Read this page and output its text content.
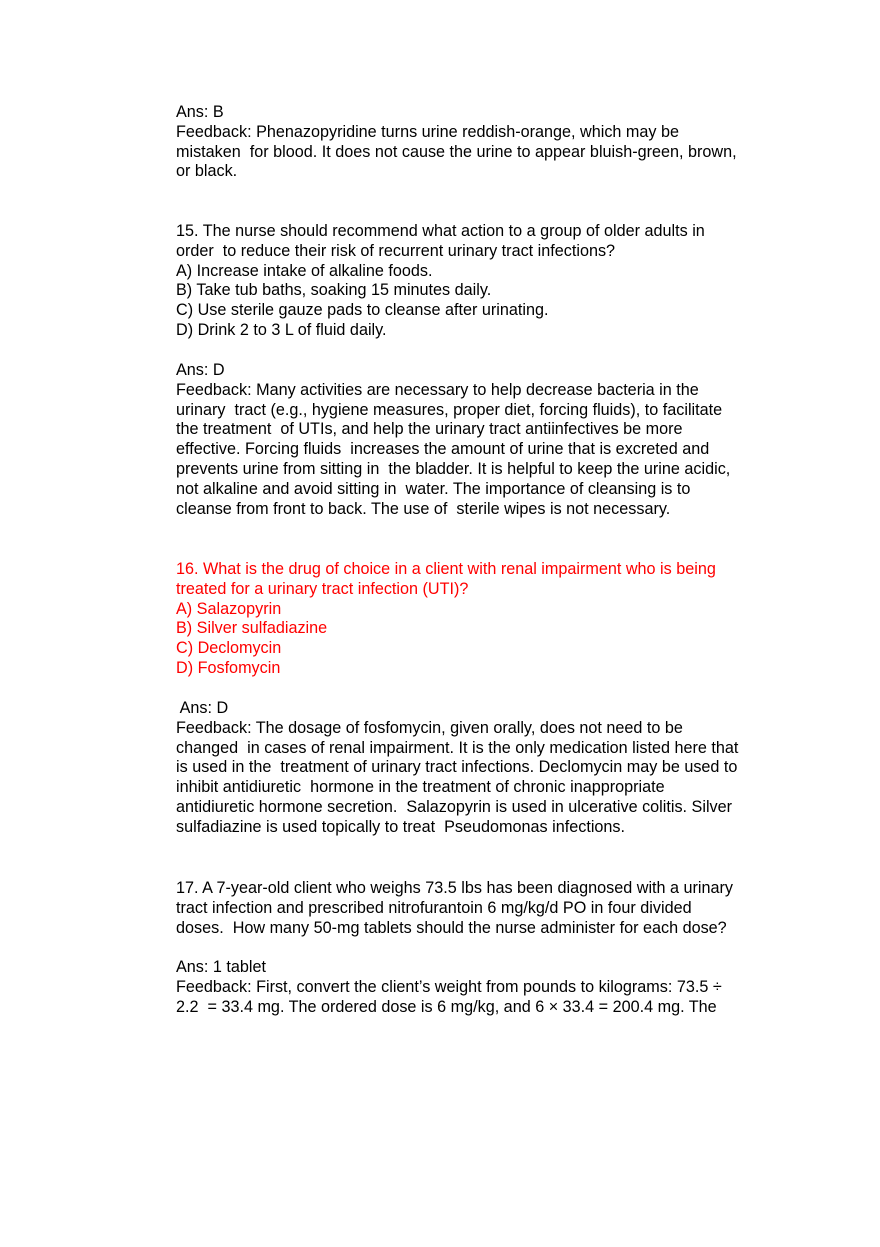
Ans: B
Feedback: Phenazopyridine turns urine reddish-orange, which may be
mistaken  for blood. It does not cause the urine to appear bluish-green, brown,
or black.
15. The nurse should recommend what action to a group of older adults in
order  to reduce their risk of recurrent urinary tract infections?
A) Increase intake of alkaline foods.
B) Take tub baths, soaking 15 minutes daily.
C) Use sterile gauze pads to cleanse after urinating.
D) Drink 2 to 3 L of fluid daily.
Ans: D
Feedback: Many activities are necessary to help decrease bacteria in the
urinary  tract (e.g., hygiene measures, proper diet, forcing fluids), to facilitate
the treatment  of UTIs, and help the urinary tract antiinfectives be more
effective. Forcing fluids  increases the amount of urine that is excreted and
prevents urine from sitting in  the bladder. It is helpful to keep the urine acidic,
not alkaline and avoid sitting in  water. The importance of cleansing is to
cleanse from front to back. The use of  sterile wipes is not necessary.
16. What is the drug of choice in a client with renal impairment who is being
treated for a urinary tract infection (UTI)?
A) Salazopyrin
B) Silver sulfadiazine
C) Declomycin
D) Fosfomycin
Ans: D
Feedback: The dosage of fosfomycin, given orally, does not need to be
changed  in cases of renal impairment. It is the only medication listed here that
is used in the  treatment of urinary tract infections. Declomycin may be used to
inhibit antidiuretic  hormone in the treatment of chronic inappropriate
antidiuretic hormone secretion.  Salazopyrin is used in ulcerative colitis. Silver
sulfadiazine is used topically to treat  Pseudomonas infections.
17. A 7-year-old client who weighs 73.5 lbs has been diagnosed with a urinary
tract infection and prescribed nitrofurantoin 6 mg/kg/d PO in four divided
doses.  How many 50-mg tablets should the nurse administer for each dose?
Ans: 1 tablet
Feedback: First, convert the client’s weight from pounds to kilograms: 73.5 ÷
2.2  = 33.4 mg. The ordered dose is 6 mg/kg, and 6 × 33.4 = 200.4 mg. The
